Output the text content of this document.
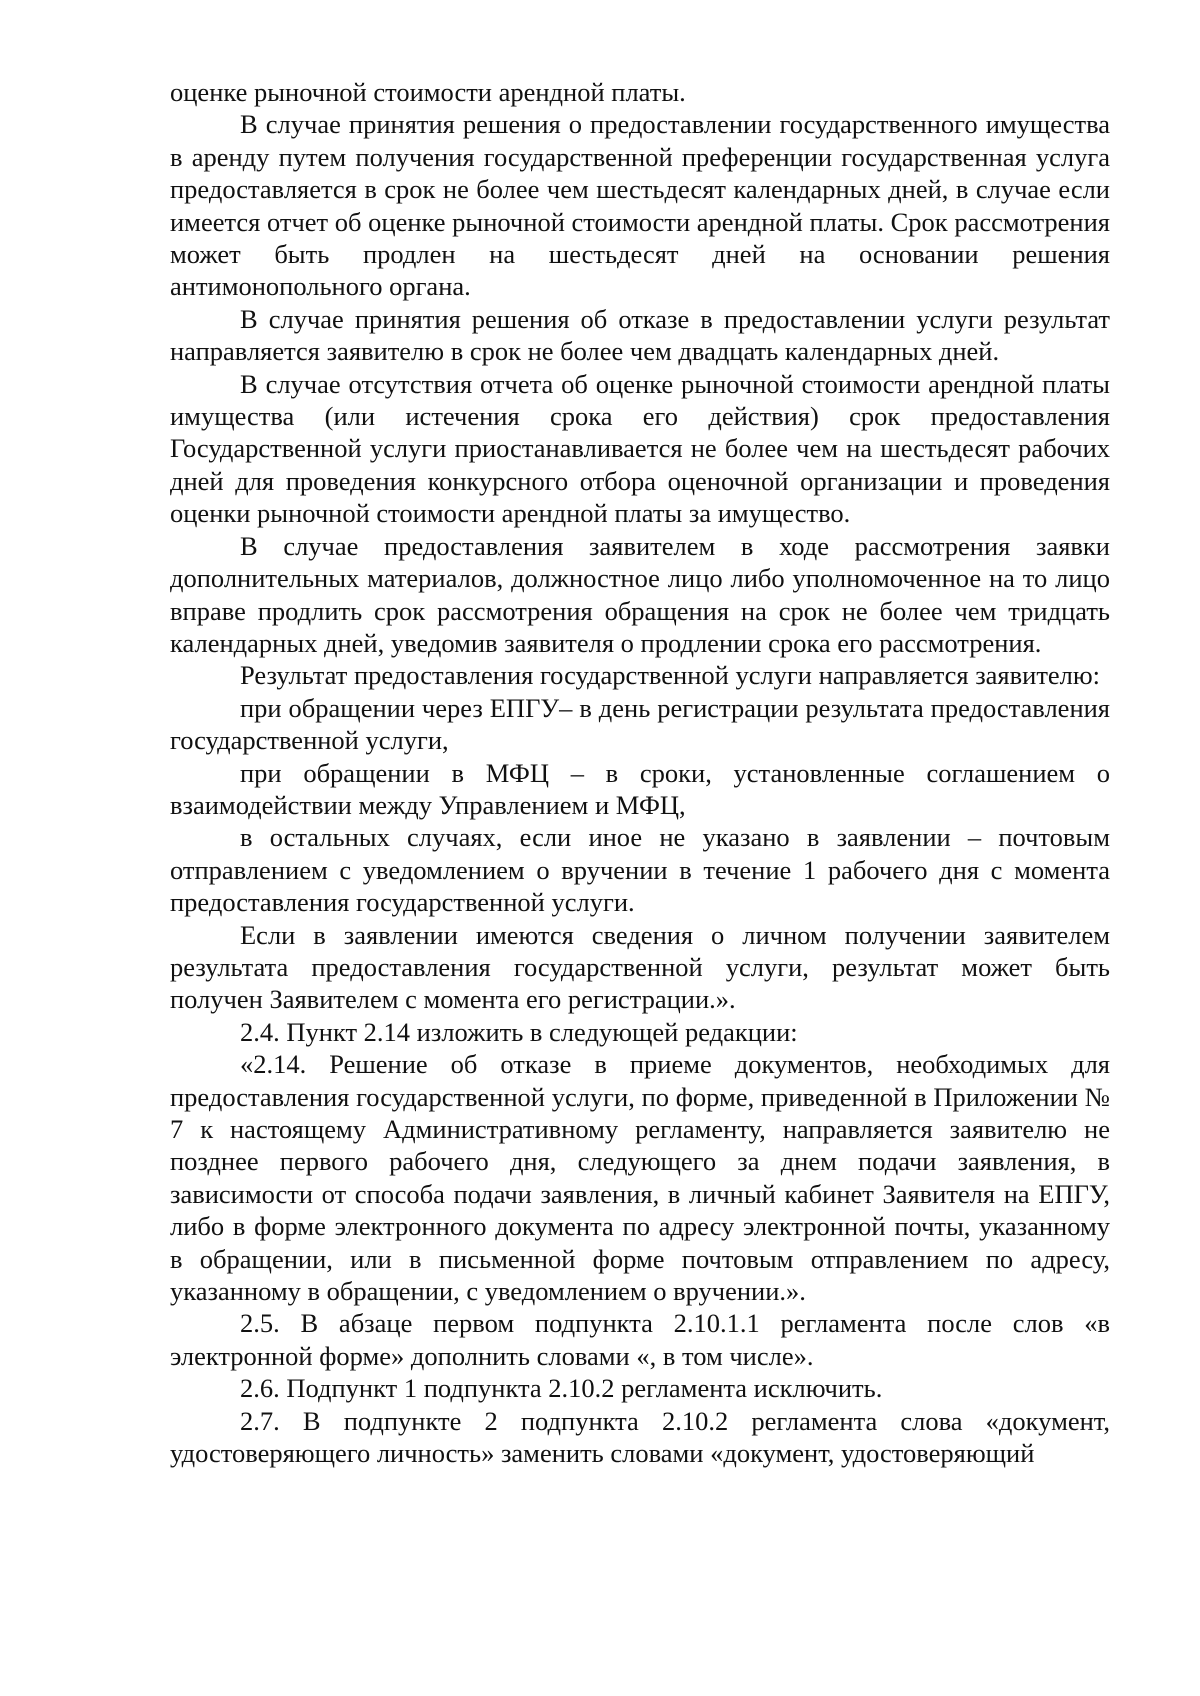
оценке рыночной стоимости арендной платы.

В случае принятия решения о предоставлении государственного имущества в аренду путем получения государственной преференции государственная услуга предоставляется в срок не более чем шестьдесят календарных дней, в случае если имеется отчет об оценке рыночной стоимости арендной платы. Срок рассмотрения может быть продлен на шестьдесят дней на основании решения антимонопольного органа.

В случае принятия решения об отказе в предоставлении услуги результат направляется заявителю в срок не более чем двадцать календарных дней.

В случае отсутствия отчета об оценке рыночной стоимости арендной платы имущества (или истечения срока его действия) срок предоставления Государственной услуги приостанавливается не более чем на шестьдесят рабочих дней для проведения конкурсного отбора оценочной организации и проведения оценки рыночной стоимости арендной платы за имущество.

В случае предоставления заявителем в ходе рассмотрения заявки дополнительных материалов, должностное лицо либо уполномоченное на то лицо вправе продлить срок рассмотрения обращения на срок не более чем тридцать календарных дней, уведомив заявителя о продлении срока его рассмотрения.

Результат предоставления государственной услуги направляется заявителю:

при обращении через ЕПГУ– в день регистрации результата предоставления государственной услуги,

при обращении в МФЦ – в сроки, установленные соглашением о взаимодействии между Управлением и МФЦ,

в остальных случаях, если иное не указано в заявлении – почтовым отправлением с уведомлением о вручении в течение 1 рабочего дня с момента предоставления государственной услуги.

Если в заявлении имеются сведения о личном получении заявителем результата предоставления государственной услуги, результат может быть получен Заявителем с момента его регистрации.».

2.4. Пункт 2.14 изложить в следующей редакции:

«2.14. Решение об отказе в приеме документов, необходимых для предоставления государственной услуги, по форме, приведенной в Приложении № 7 к настоящему Административному регламенту, направляется заявителю не позднее первого рабочего дня, следующего за днем подачи заявления, в зависимости от способа подачи заявления, в личный кабинет Заявителя на ЕПГУ, либо в форме электронного документа по адресу электронной почты, указанному в обращении, или в письменной форме почтовым отправлением по адресу, указанному в обращении, с уведомлением о вручении.».

2.5. В абзаце первом подпункта 2.10.1.1 регламента после слов «в электронной форме» дополнить словами «, в том числе».

2.6. Подпункт 1 подпункта 2.10.2 регламента исключить.

2.7. В подпункте 2 подпункта 2.10.2 регламента слова «документ, удостоверяющего личность» заменить словами «документ, удостоверяющий
